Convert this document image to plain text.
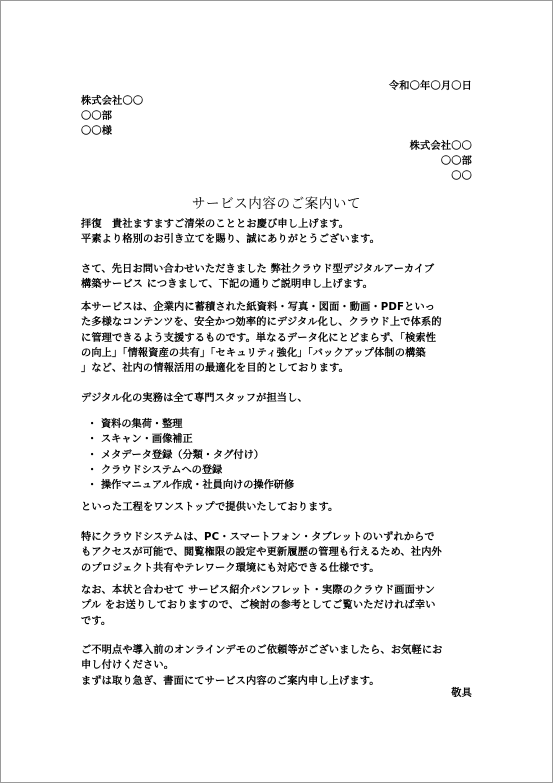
令和〇年〇月〇日
株式会社〇〇
〇〇部
〇〇様
株式会社〇〇
〇〇部
〇〇
サービス内容のご案内いて
拝復　貴社ますますご清栄のこととお慶び申し上げます。
平素より格別のお引き立てを賜り、誠にありがとうございます。
さて、先日お問い合わせいただきました 弊社クラウド型デジタルアーカイブ
構築サービス につきまして、下記の通りご説明申し上げます。
本サービスは、企業内に蓄積された紙資料・写真・図面・動画・PDFといっ
た多様なコンテンツを、安全かつ効率的にデジタル化し、クラウド上で体系的
に管理できるよう支援するものです。単なるデータ化にとどまらず、「検索性
の向上」「情報資産の共有」「セキュリティ強化」「バックアップ体制の構築
」など、社内の情報活用の最適化を目的としております。
デジタル化の実務は全て専門スタッフが担当し、
・ 資料の集荷・整理
・ スキャン・画像補正
・ メタデータ登録（分類・タグ付け）
・ クラウドシステムへの登録
・ 操作マニュアル作成・社員向けの操作研修
といった工程をワンストップで提供いたしております。
特にクラウドシステムは、PC・スマートフォン・タブレットのいずれからで
もアクセスが可能で、閲覧権限の設定や更新履歴の管理も行えるため、社内外
のプロジェクト共有やテレワーク環境にも対応できる仕様です。
なお、本状と合わせて サービス紹介パンフレット・実際のクラウド画面サン
プル をお送りしておりますので、ご検討の参考としてご覧いただければ幸い
です。
ご不明点や導入前のオンラインデモのご依頼等がございましたら、お気軽にお
申し付けください。
まずは取り急ぎ、書面にてサービス内容のご案内申し上げます。
敬具
